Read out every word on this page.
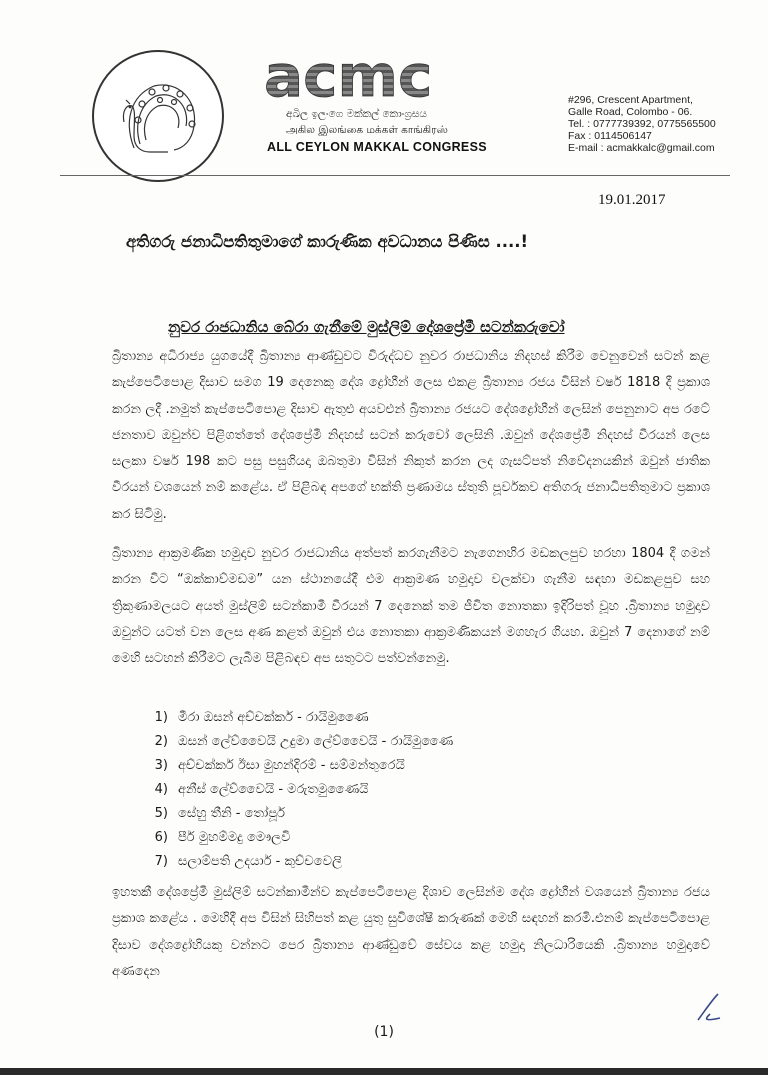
acmc
අඛිල ඉලංගෙ මක්කල් කොංග්‍රසය
அகில இலங்கை மக்கள் காங்கிரஸ்
ALL CEYLON MAKKAL CONGRESS
#296, Crescent Apartment,
Galle Road, Colombo - 06.
Tel. : 0777739392, 0775565500
Fax : 0114506147
E-mail : acmakkalc@gmail.com
19.01.2017
අතිගරු ජනාධිපතිතුමාගේ කාරුණික අවධානය පිණිස ....!
නුවර රාජධානිය බේරා ගැනීමේ මුස්ලිම් දේශප්‍රේමී සටන්කරුවෝ
බ්‍රිතාන්‍ය අධිරාජ්‍ය යුගයේදී බ්‍රිතාන්‍ය ආණ්ඩුවට විරුද්ධව නුවර රාජධානිය නිදහස් කිරීම වෙනුවෙන් සටන් කළ කැප්පෙටිපොළ දිසාව සමග 19 දෙනෙකු දේශ ද්‍රෝහීන් ලෙස එකළ බ්‍රිතාන්‍ය රජය විසින් වර්ෂ 1818 දී ප්‍රකාශ කරන ලදී .නමුත් කැප්පෙටිපොළ දිසාව ඇතුළු අයවළුන් බ්‍රිතාන්‍ය රජයට දේශද්‍රෝහීන් ලෙසින් පෙනුනාට අප රටේ ජනතාව ඔවුන්ව පිළිගත්තේ දේශප්‍රේමී නිදහස් සටන් කරුවෝ ලෙසිනි .ඔවුන් දේශප්‍රේමී නිදහස් වීරයන් ලෙස සලකා වර්ෂ 198 කට පසු පසුගියදා ඔබතුමා විසින් නිකුත් කරන ලද ගැසට්පත් නිවේදනයකින් ඔවුන් ජාතික වීරයන් වශයෙන් නම් කළේය. ඒ පිළිබඳ අපගේ භක්ති ප්‍රණාමය ස්තුති පූර්වකව අතිගරු ජනාධිපතිතුමාට ප්‍රකාශ කර සිටිමු.
බ්‍රිතාන්‍ය ආක්‍රමණික හමුදාව නුවර රාජධානිය අත්පත් කරගැනීමට නැගෙනහිර මඩකලපුව හරහා 1804 දී ගමන් කරන විට “ඔක්කාව්මඩම” යන ස්ථානයේදී එම ආක්‍රමණ හමුදාව වලක්වා ගැනීම සඳහා මඩකළපුව සහ ත්‍රිකුණාමලයට අයත් මුස්ලිම් සටන්කාමී වීරයන් 7 දෙනෙක් තම ජීවිත නොතකා ඉදිරිපත් වූහ .බ්‍රිතාන්‍ය හමුදාව ඔවුන්ට යටත් වන ලෙස අණ කළත් ඔවුන් එය නොතකා ආක්‍රමණිකයන් මගහැර ගියහ. ඔවුන් 7 දෙනාගේ නම් මෙහි සටහන් කිරීමට ලැබීම පිළිබඳව අප සතුටට පත්වන්නෙමු.
1) මීරා ඔසන් අච්චක්කර් - රායිමුණෛ
2) ඔසන් ලේව්වෛයි උදුමා ලේව්වෛයි - රායිමුණෛ
3) අච්චක්කර් ඊසා මුහන්දිරම් - සම්මන්තුරෙයි
4) අනීස් ලේව්වෛයි - මරුතමුණෛයි
5) සේහු තීනි - තෝපූර්
6) පීර් මුහම්මදු මෞලවි
7) සලාම්පති උදයාර් - කුච්චවෙලි
ඉහතකී දේශප්‍රේමී මුස්ලිම් සටන්කාමීන්ව කැප්පෙටිපොළ දිශාව ලෙසින්ම දේශ ද්‍රෝහීන් වශයෙන් බ්‍රිතාන්‍ය රජය ප්‍රකාශ කළේය . මෙහිදී අප විසින් සිහිපත් කළ යුතු සුවිශේෂී කරුණක් මෙහි සඳහන් කරමි.එනම් කැප්පෙටිපොළ දිසාව දේශද්‍රෝහියකු වන්නට පෙර බ්‍රිතාන්‍ය ආණ්ඩුවේ සේවය කළ හමුදා නිලධාරියෙකි .බ්‍රිතාන්‍ය හමුදාවේ අණදෙන
(1)
